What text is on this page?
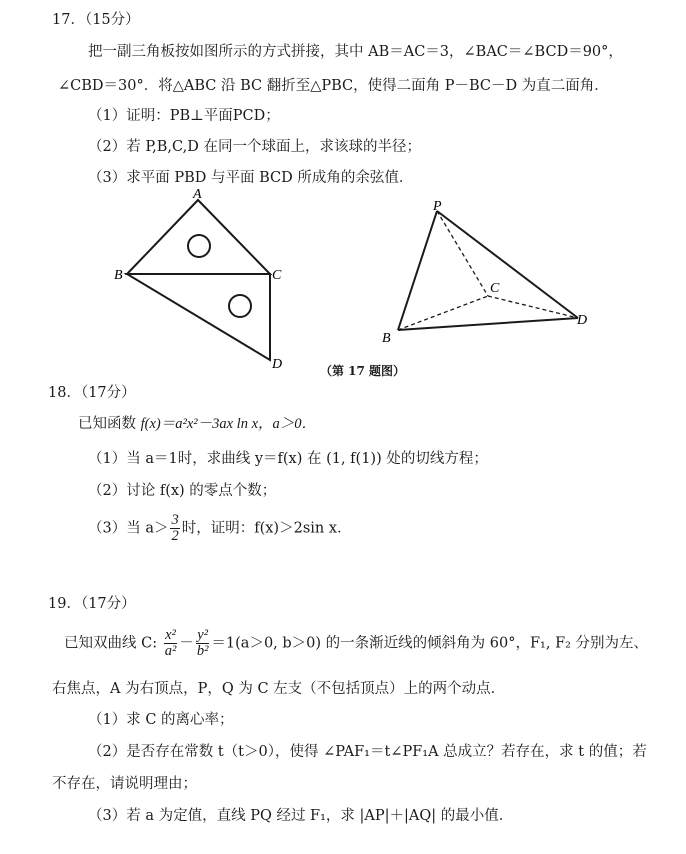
17．（15分）
把一副三角板按如图所示的方式拼接，其中 AB＝AC＝3，∠BAC＝∠BCD＝90°，
∠CBD＝30°．将△ABC 沿 BC 翻折至△PBC，使得二面角 P－BC－D 为直二面角．
（1）证明：PB⊥平面PCD；
（2）若 P,B,C,D 在同一个球面上，求该球的半径；
（3）求平面 PBD 与平面 BCD 所成角的余弦值．
A
B	C
D
P
C
B
D
（第 17 题图）
18．（17分）
已知函数 f(x)＝a²x²－3ax ln x，a＞0．
（1）当 a＝1时，求曲线 y＝f(x) 在 (1, f(1)) 处的切线方程；
（2）讨论 f(x) 的零点个数；
（3）当 $a> \frac{3}{2}$ 时，证明：f(x)＞2sin x．
19．（17分）
已知双曲线 C: $\frac{\text{x²}}{\text{a²}} - \frac{\text{y²}}{\text{b²}} =1(a>0$, b＞0) 的一条渐近线的倾斜角为 60°，F₁, F₂ 分别为左、
右焦点，A 为右顶点，P，Q 为 C 左支（不包括顶点）上的两个动点．
（1）求 C 的离心率；
（2）是否存在常数 t（t＞0），使得 ∠PAF₁＝t∠PF₁A 总成立？若存在，求 t 的值；若
不存在，请说明理由；
（3）若 a 为定值，直线 PQ 经过 F₁，求 |AP|＋|AQ| 的最小值．
